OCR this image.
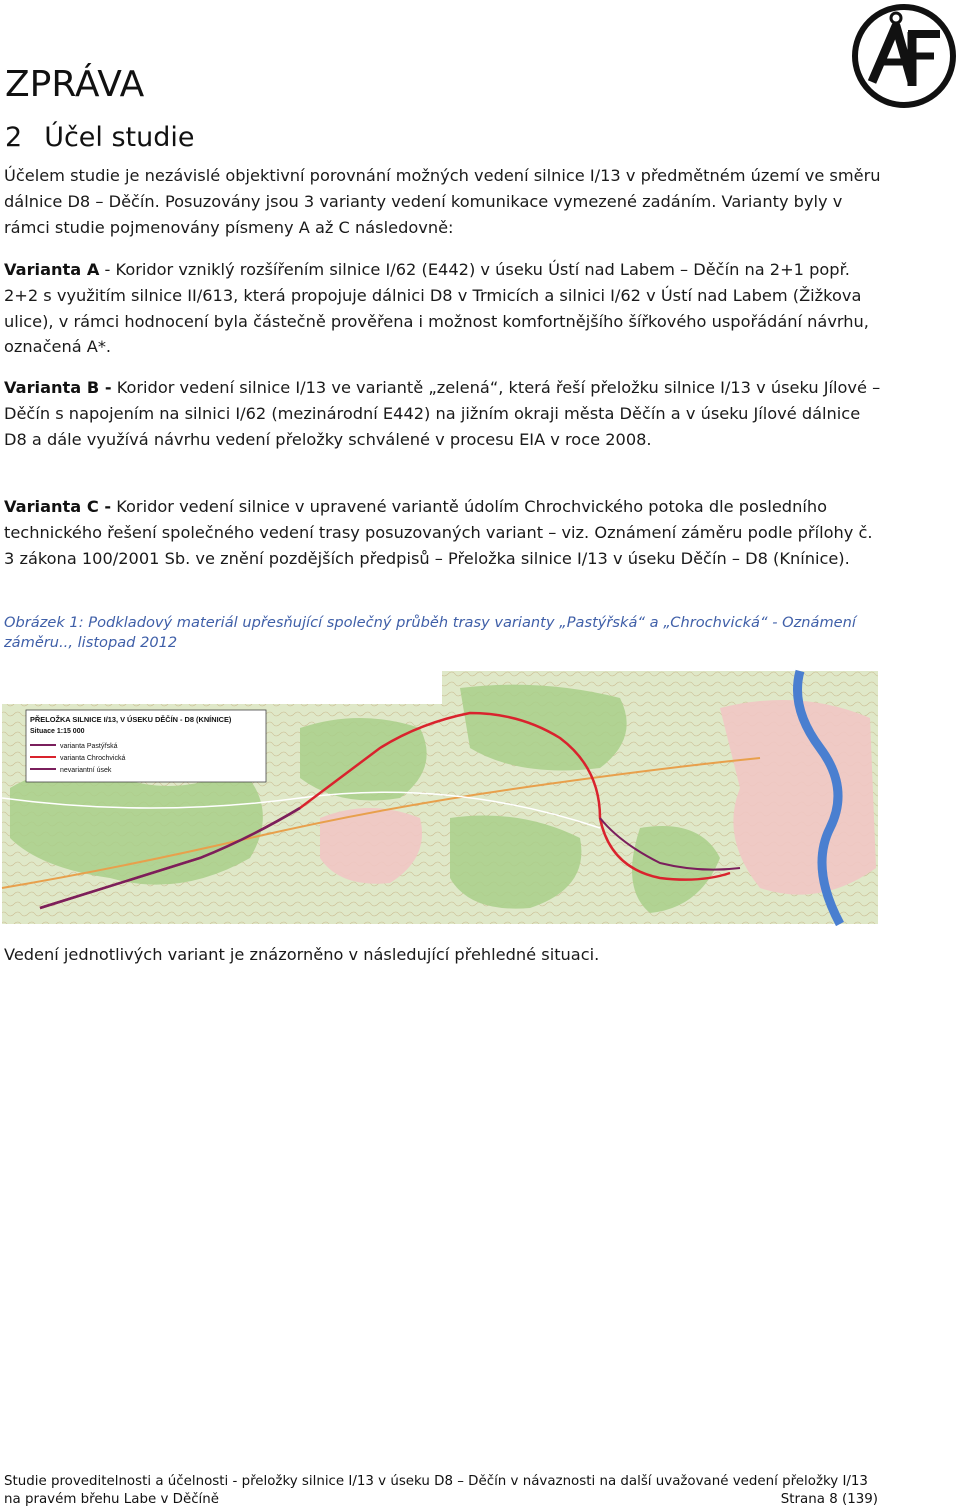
ZPRÁVA
2 Účel studie

Účelem studie je nezávislé objektivní porovnání možných vedení silnice I/13 v předmětném území ve směru dálnice D8 – Děčín. Posuzovány jsou 3 varianty vedení komunikace vymezené zadáním. Varianty byly v rámci studie pojmenovány písmeny A až C následovně:

Varianta A - Koridor vzniklý rozšířením silnice I/62 (E442) v úseku Ústí nad Labem – Děčín na 2+1 popř. 2+2 s využitím silnice II/613, která propojuje dálnici D8 v Trmicích a silnici I/62 v Ústí nad Labem (Žižkova ulice), v rámci hodnocení byla částečně prověřena i možnost komfortnějšího šířkového uspořádání návrhu, označená A*.

Varianta B - Koridor vedení silnice I/13 ve variantě „zelená“, která řeší přeložku silnice I/13 v úseku Jílové – Děčín s napojením na silnici I/62 (mezinárodní E442) na jižním okraji města Děčín a v úseku Jílové dálnice D8 a dále využívá návrhu vedení přeložky schválené v procesu EIA v roce 2008.

Varianta C - Koridor vedení silnice v upravené variantě údolím Chrochvického potoka dle posledního technického řešení společného vedení trasy posuzovaných variant – viz. Oznámení záměru podle přílohy č. 3 zákona 100/2001 Sb. ve znění pozdějších předpisů – Přeložka silnice I/13 v úseku Děčín – D8 (Knínice).

Obrázek 1: Podkladový materiál upřesňující společný průběh trasy varianty „Pastýřská“ a „Chrochvická“ - Oznámení záměru.., listopad 2012

PŘELOŽKA SILNICE I/13, V ÚSEKU DĚČÍN - D8 (KNÍNICE)
Situace 1:15 000
varianta Pastýřská
varianta Chrochvická
nevariantní úsek

Vedení jednotlivých variant je znázorněno v následující přehledné situaci.

Studie proveditelnosti a účelnosti - přeložky silnice I/13 v úseku D8 – Děčín v návaznosti na další uvažované vedení přeložky I/13 na pravém břehu Labe v Děčíně	Strana 8 (139)
